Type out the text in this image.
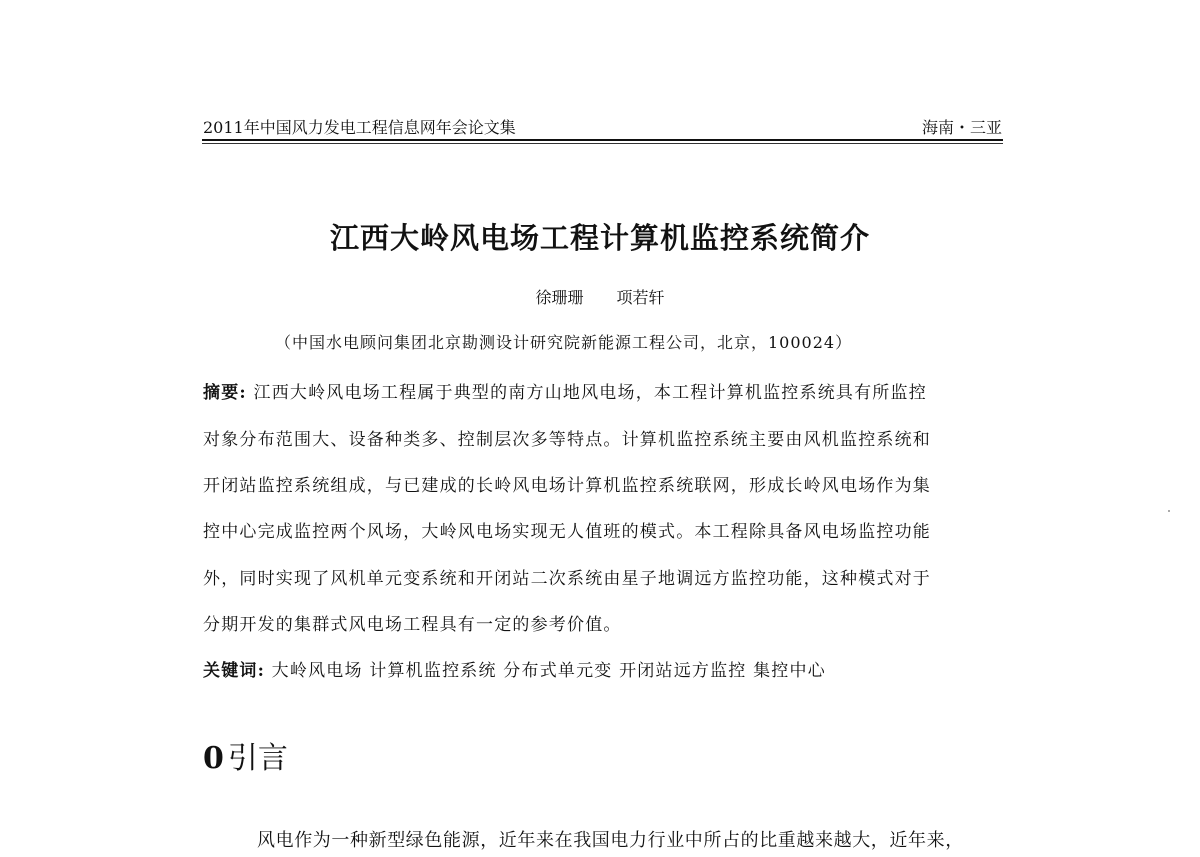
2011年中国风力发电工程信息网年会论文集	海南・三亚
江西大岭风电场工程计算机监控系统简介
徐珊珊 项若轩
（中国水电顾问集团北京勘测设计研究院新能源工程公司，北京，100024）
摘要: 江西大岭风电场工程属于典型的南方山地风电场，本工程计算机监控系统具有所监控
对象分布范围大、设备种类多、控制层次多等特点。计算机监控系统主要由风机监控系统和
开闭站监控系统组成，与已建成的长岭风电场计算机监控系统联网，形成长岭风电场作为集
控中心完成监控两个风场，大岭风电场实现无人值班的模式。本工程除具备风电场监控功能
外，同时实现了风机单元变系统和开闭站二次系统由星子地调远方监控功能，这种模式对于
分期开发的集群式风电场工程具有一定的参考价值。
关键词: 大岭风电场 计算机监控系统 分布式单元变 开闭站远方监控 集控中心
0 引言
风电作为一种新型绿色能源，近年来在我国电力行业中所占的比重越来越大，近年来，
